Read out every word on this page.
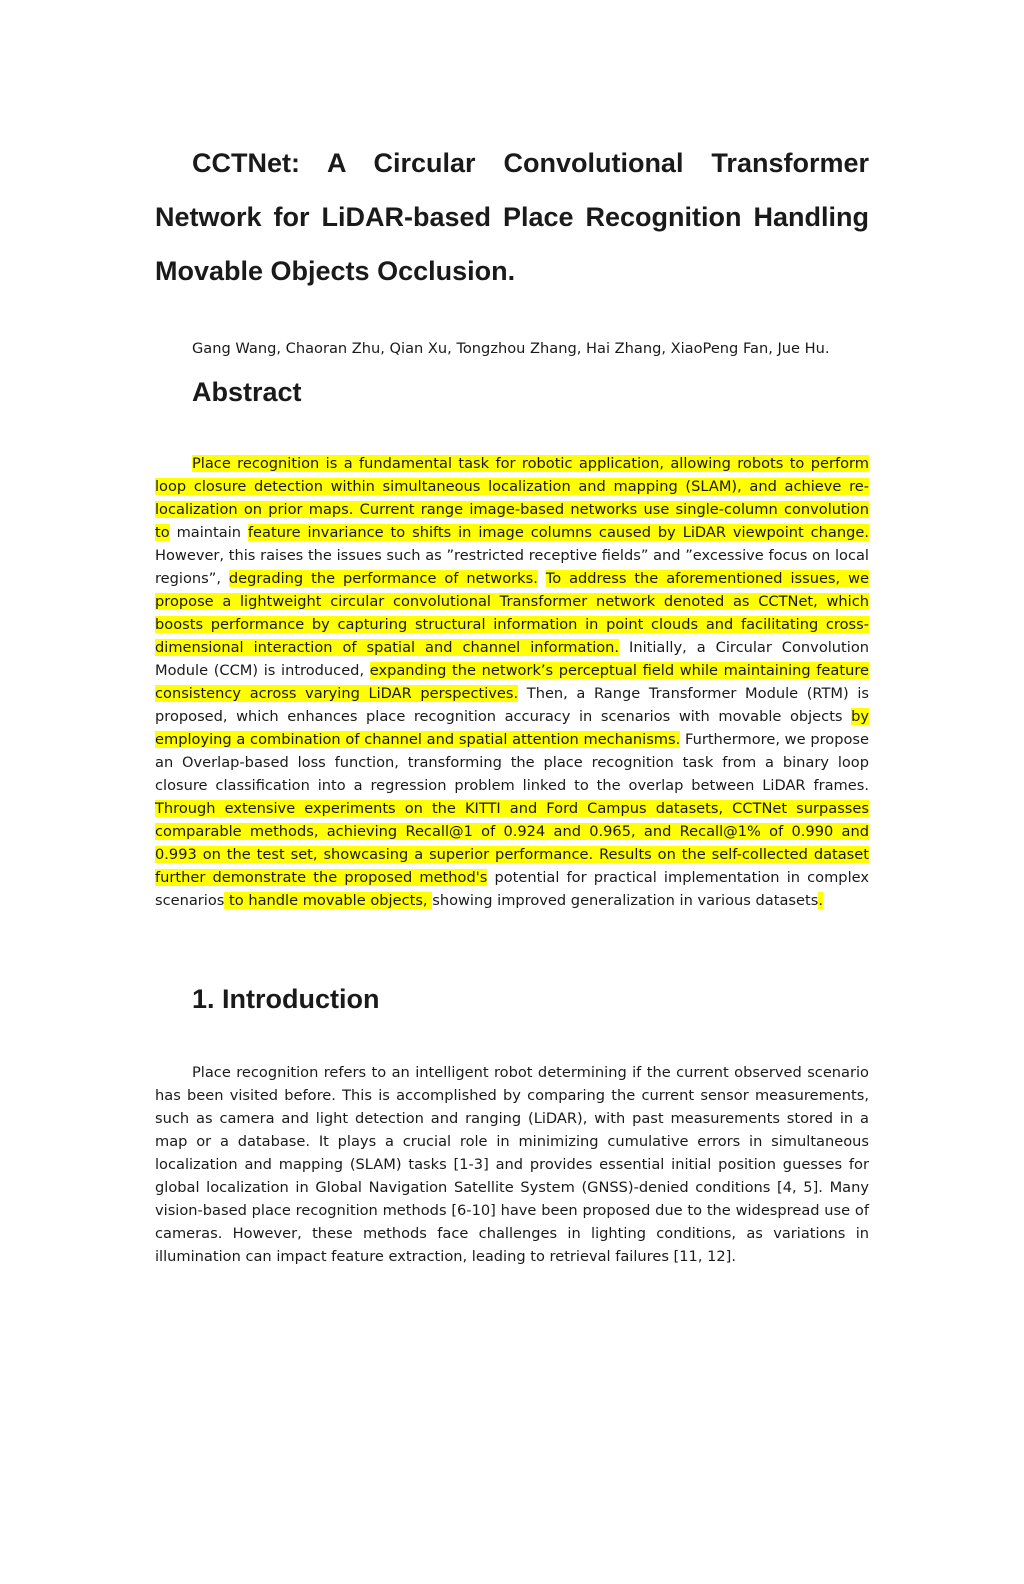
CCTNet: A Circular Convolutional Transformer Network for LiDAR-based Place Recognition Handling Movable Objects Occlusion.
Gang Wang, Chaoran Zhu, Qian Xu, Tongzhou Zhang, Hai Zhang, XiaoPeng Fan, Jue Hu.
Abstract

Place recognition is a fundamental task for robotic application, allowing robots to perform loop closure detection within simultaneous localization and mapping (SLAM), and achieve re-localization on prior maps. Current range image-based networks use single-column convolution to maintain feature invariance to shifts in image columns caused by LiDAR viewpoint change. However, this raises the issues such as ”restricted receptive fields” and ”excessive focus on local regions”, degrading the performance of networks. To address the aforementioned issues, we propose a lightweight circular convolutional Transformer network denoted as CCTNet, which boosts performance by capturing structural information in point clouds and facilitating cross-dimensional interaction of spatial and channel information. Initially, a Circular Convolution Module (CCM) is introduced, expanding the network’s perceptual field while maintaining feature consistency across varying LiDAR perspectives. Then, a Range Transformer Module (RTM) is proposed, which enhances place recognition accuracy in scenarios with movable objects by employing a combination of channel and spatial attention mechanisms. Furthermore, we propose an Overlap-based loss function, transforming the place recognition task from a binary loop closure classification into a regression problem linked to the overlap between LiDAR frames. Through extensive experiments on the KITTI and Ford Campus datasets, CCTNet surpasses comparable methods, achieving Recall@1 of 0.924 and 0.965, and Recall@1% of 0.990 and 0.993 on the test set, showcasing a superior performance. Results on the self-collected dataset further demonstrate the proposed method's potential for practical implementation in complex scenarios to handle movable objects, showing improved generalization in various datasets.

1. Introduction

Place recognition refers to an intelligent robot determining if the current observed scenario has been visited before. This is accomplished by comparing the current sensor measurements, such as camera and light detection and ranging (LiDAR), with past measurements stored in a map or a database. It plays a crucial role in minimizing cumulative errors in simultaneous localization and mapping (SLAM) tasks [1-3] and provides essential initial position guesses for global localization in Global Navigation Satellite System (GNSS)-denied conditions [4, 5]. Many vision-based place recognition methods [6-10] have been proposed due to the widespread use of cameras. However, these methods face challenges in lighting conditions, as variations in illumination can impact feature extraction, leading to retrieval failures [11, 12].
